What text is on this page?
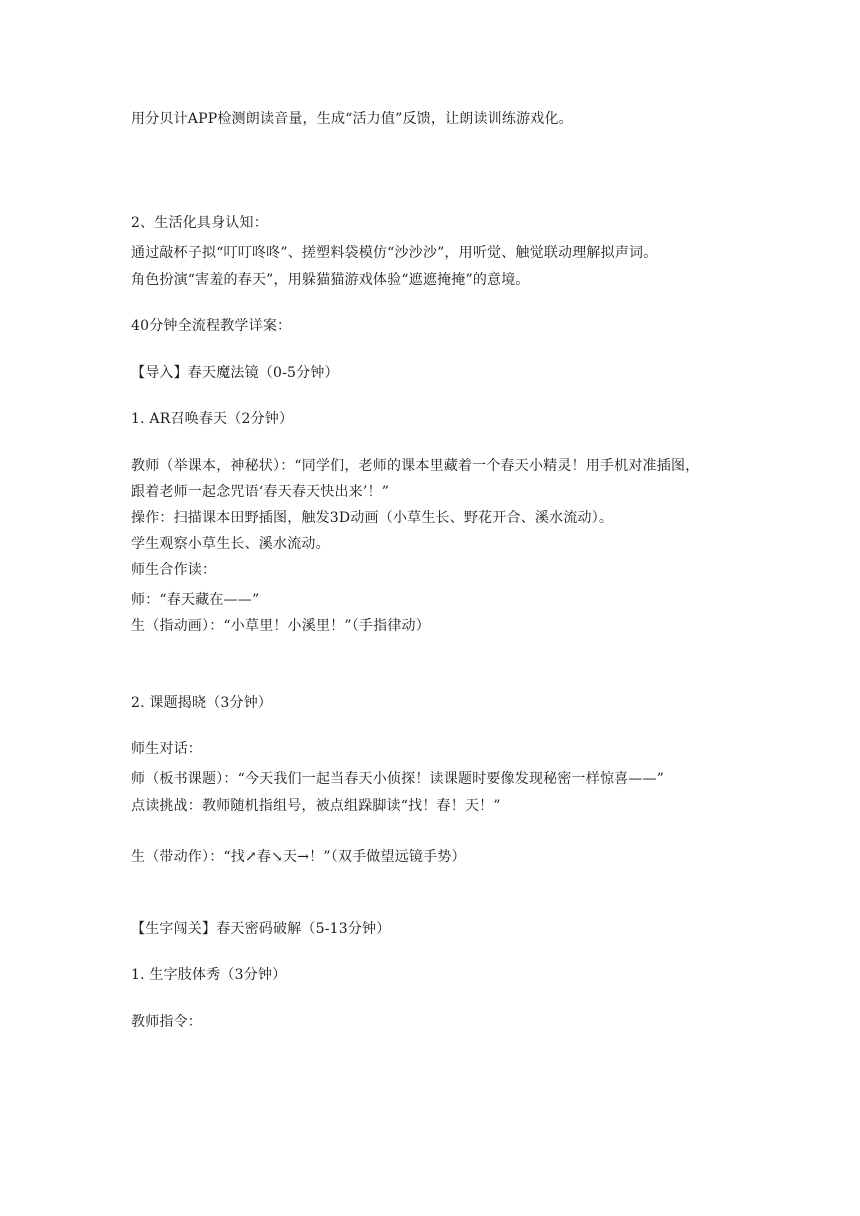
用分贝计APP检测朗读音量，生成“活力值”反馈，让朗读训练游戏化。
2、生活化具身认知：
通过敲杯子拟“叮叮咚咚”、搓塑料袋模仿“沙沙沙”，用听觉、触觉联动理解拟声词。
角色扮演“害羞的春天”，用躲猫猫游戏体验“遮遮掩掩”的意境。
40分钟全流程教学详案：
【导入】春天魔法镜（0-5分钟）
1. AR召唤春天（2分钟）
教师（举课本，神秘状）：“同学们，老师的课本里藏着一个春天小精灵！用手机对准插图，
跟着老师一起念咒语‘春天春天快出来’！”
操作：扫描课本田野插图，触发3D动画（小草生长、野花开合、溪水流动）。
学生观察小草生长、溪水流动。
师生合作读：
师：“春天藏在——”
生（指动画）：“小草里！小溪里！”（手指律动）
2. 课题揭晓（3分钟）
师生对话：
师（板书课题）：“今天我们一起当春天小侦探！读课题时要像发现秘密一样惊喜——”
点读挑战：教师随机指组号，被点组跺脚读“找！春！天！”
生（带动作）：“找↗春↘天→！”（双手做望远镜手势）
【生字闯关】春天密码破解（5-13分钟）
1. 生字肢体秀（3分钟）
教师指令：
